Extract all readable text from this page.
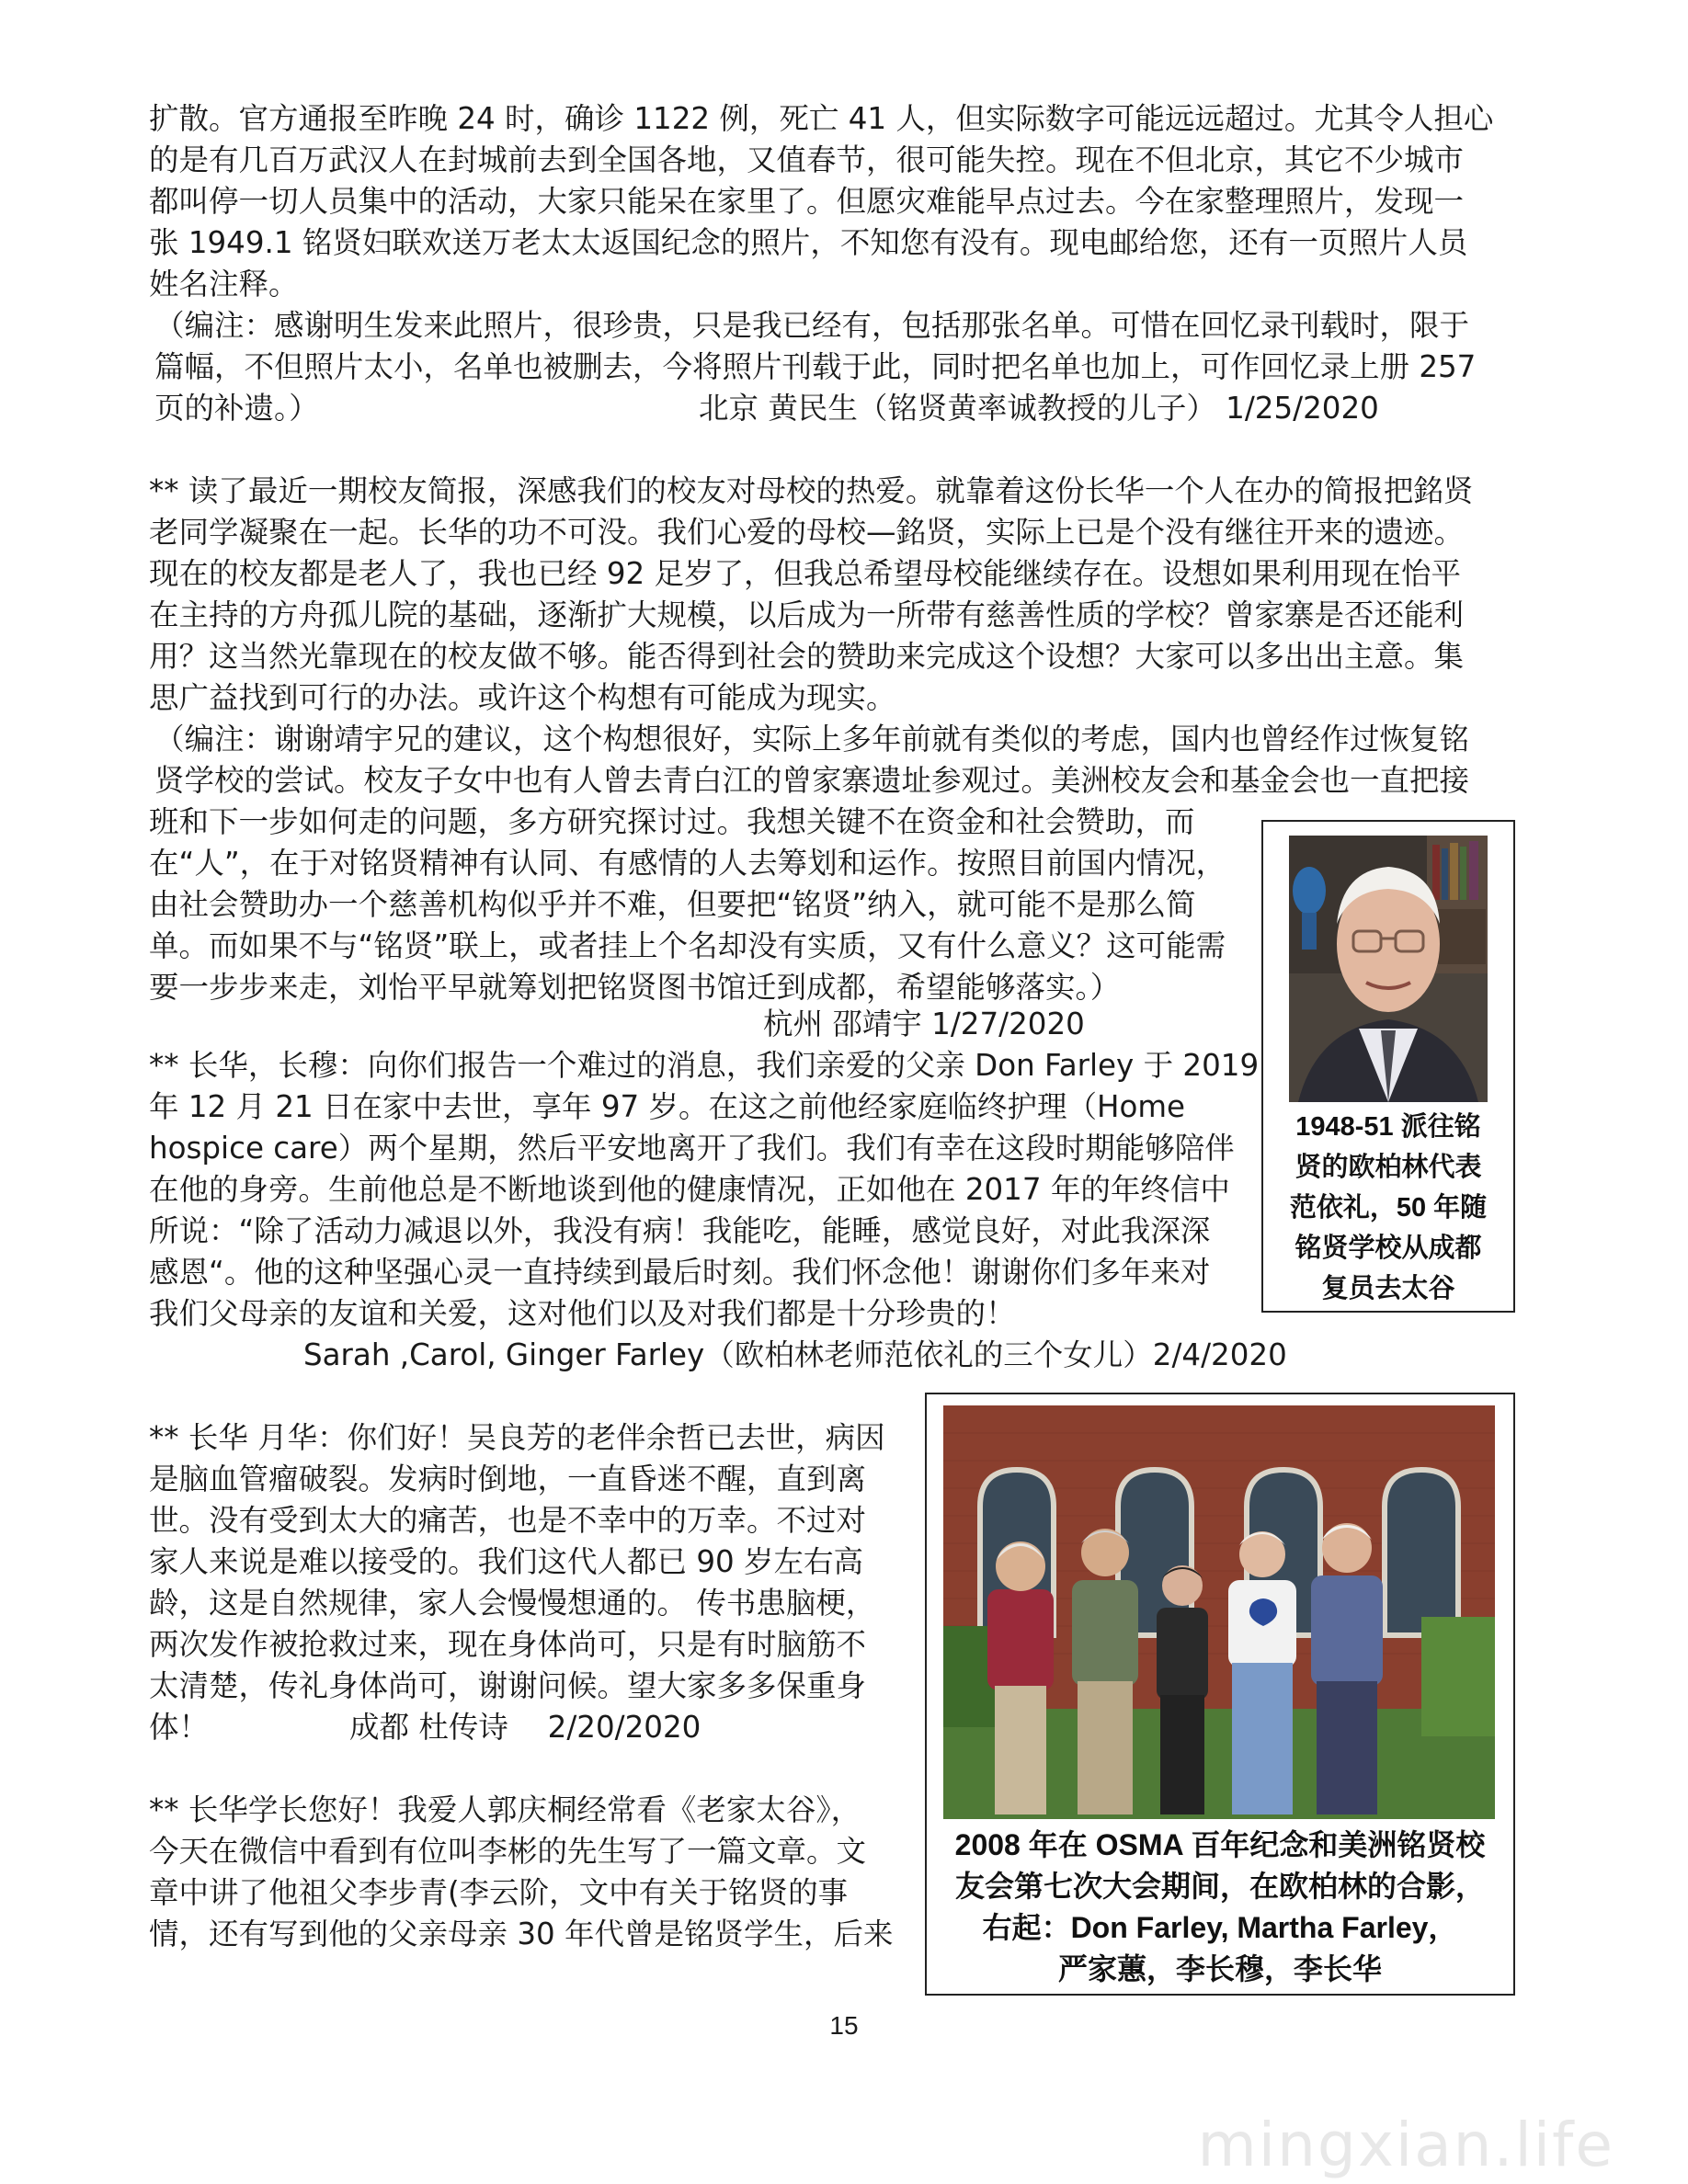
扩散。官方通报至昨晚 24 时，确诊 1122 例，死亡 41 人，但实际数字可能远远超过。尤其令人担心
的是有几百万武汉人在封城前去到全国各地，又值春节，很可能失控。现在不但北京，其它不少城市
都叫停一切人员集中的活动，大家只能呆在家里了。但愿灾难能早点过去。今在家整理照片，发现一
张 1949.1 铭贤妇联欢送万老太太返国纪念的照片，不知您有没有。现电邮给您，还有一页照片人员
姓名注释。
（编注：感谢明生发来此照片，很珍贵，只是我已经有，包括那张名单。可惜在回忆录刊载时，限于
篇幅，不但照片太小，名单也被删去，今将照片刊载于此，同时把名单也加上，可作回忆录上册 257
页的补遗。）	北京 黄民生（铭贤黄率诚教授的儿子） 1/25/2020
** 读了最近一期校友简报，深感我们的校友对母校的热爱。就靠着这份长华一个人在办的简报把銘贤
老同学凝聚在一起。长华的功不可没。我们心爱的母校—銘贤，实际上已是个没有继往开来的遗迹。
现在的校友都是老人了，我也已经 92 足岁了，但我总希望母校能继续存在。设想如果利用现在怡平
在主持的方舟孤儿院的基础，逐渐扩大规模，以后成为一所带有慈善性质的学校？曾家寨是否还能利
用？这当然光靠现在的校友做不够。能否得到社会的赞助来完成这个设想？大家可以多出出主意。集
思广益找到可行的办法。或许这个构想有可能成为现实。
（编注：谢谢靖宇兄的建议，这个构想很好，实际上多年前就有类似的考虑，国内也曾经作过恢复铭
贤学校的尝试。校友子女中也有人曾去青白江的曾家寨遗址参观过。美洲校友会和基金会也一直把接
班和下一步如何走的问题，多方研究探讨过。我想关键不在资金和社会赞助，而
在“人”，在于对铭贤精神有认同、有感情的人去筹划和运作。按照目前国内情况，
由社会赞助办一个慈善机构似乎并不难，但要把“铭贤”纳入，就可能不是那么简
单。而如果不与“铭贤”联上，或者挂上个名却没有实质，又有什么意义？这可能需
要一步步来走，刘怡平早就筹划把铭贤图书馆迁到成都，希望能够落实。）
杭州 邵靖宇 1/27/2020
** 长华，长穆：向你们报告一个难过的消息，我们亲爱的父亲 Don Farley 于 2019
年 12 月 21 日在家中去世，享年 97 岁。在这之前他经家庭临终护理（Home
hospice care）两个星期，然后平安地离开了我们。我们有幸在这段时期能够陪伴
在他的身旁。生前他总是不断地谈到他的健康情况，正如他在 2017 年的年终信中
所说：“除了活动力减退以外，我没有病！我能吃，能睡，感觉良好，对此我深深
感恩“。他的这种坚强心灵一直持续到最后时刻。我们怀念他！谢谢你们多年来对
我们父母亲的友谊和关爱，这对他们以及对我们都是十分珍贵的！
Sarah ,Carol, Ginger Farley（欧柏林老师范依礼的三个女儿）2/4/2020
1948-51 派往铭
贤的欧柏林代表
范依礼，50 年随
铭贤学校从成都
复员去太谷
** 长华 月华：你们好！吴良芳的老伴余哲已去世，病因
是脑血管瘤破裂。发病时倒地，一直昏迷不醒，直到离
世。没有受到太大的痛苦，也是不幸中的万幸。不过对
家人来说是难以接受的。我们这代人都已 90 岁左右高
龄，这是自然规律，家人会慢慢想通的。 传书患脑梗，
两次发作被抢救过来，现在身体尚可，只是有时脑筋不
太清楚，传礼身体尚可，谢谢问候。望大家多多保重身
体！	成都 杜传诗　 2/20/2020
** 长华学长您好！我爱人郭庆桐经常看《老家太谷》，
今天在微信中看到有位叫李彬的先生写了一篇文章。文
章中讲了他祖父李步青(李云阶，文中有关于铭贤的事
情，还有写到他的父亲母亲 30 年代曾是铭贤学生，后来
2008 年在 OSMA 百年纪念和美洲铭贤校
友会第七次大会期间，在欧柏林的合影，
右起：Don Farley, Martha Farley，
严家蕙，李长穆，李长华
15
mingxian.life
